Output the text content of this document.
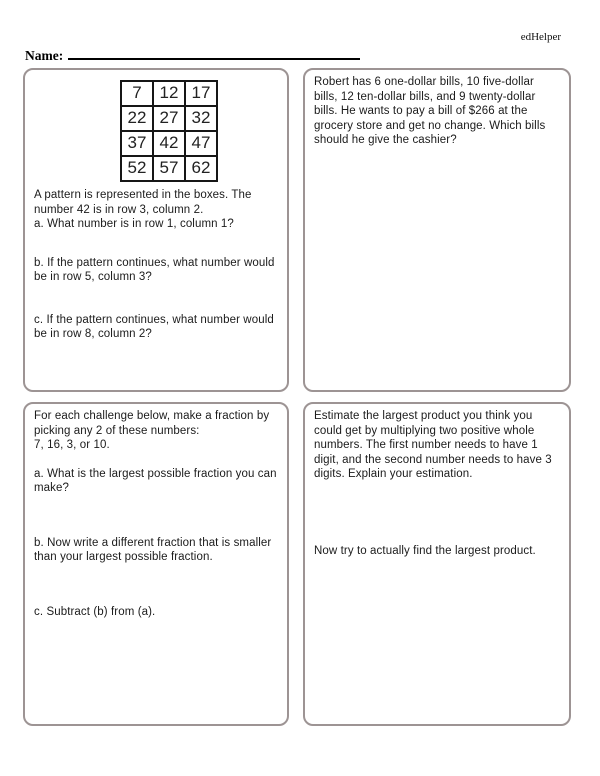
edHelper
Name:
7	12	17
22	27	32
37	42	47
52	57	62

A pattern is represented in the boxes. The number 42 is in row 3, column 2.

a. What number is in row 1, column 1?

b. If the pattern continues, what number would be in row 5, column 3?

c. If the pattern continues, what number would be in row 8, column 2?

Robert has 6 one-dollar bills, 10 five-dollar bills, 12 ten-dollar bills, and 9 twenty-dollar bills. He wants to pay a bill of $266 at the grocery store and get no change. Which bills should he give the cashier?

For each challenge below, make a fraction by picking any 2 of these numbers:

7, 16, 3, or 10.

a. What is the largest possible fraction you can make?

b. Now write a different fraction that is smaller than your largest possible fraction.

c. Subtract (b) from (a).

Estimate the largest product you think you could get by multiplying two positive whole numbers. The first number needs to have 1 digit, and the second number needs to have 3 digits. Explain your estimation.

Now try to actually find the largest product.
